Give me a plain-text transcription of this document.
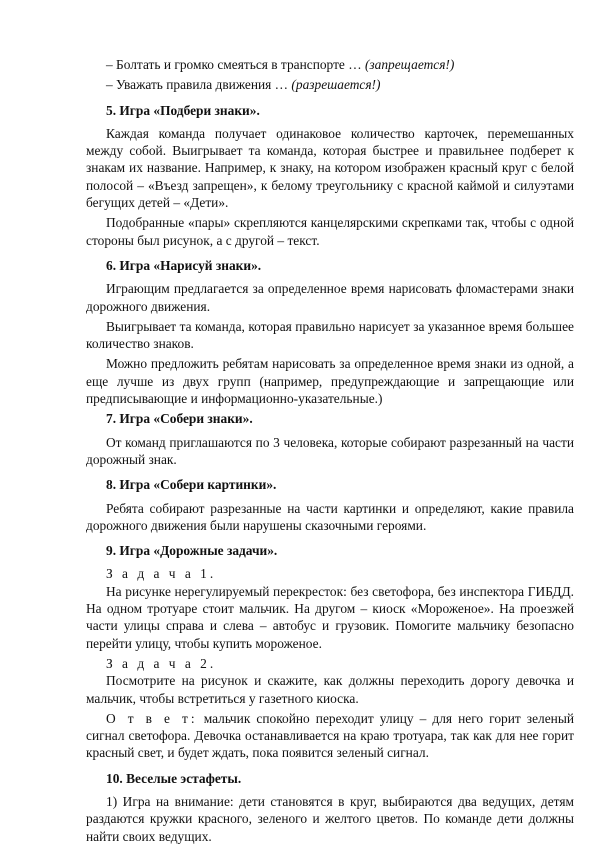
– Болтать и громко смеяться в транспорте … (запрещается!)

– Уважать правила движения … (разрешается!)

5. Игра «Подбери знаки».

Каждая команда получает одинаковое количество карточек, перемешанных между собой. Выигрывает та команда, которая быстрее и правильнее подберет к знакам их название. Например, к знаку, на котором изображен красный круг с белой полосой – «Въезд запрещен», к белому треугольнику с красной каймой и силуэтами бегущих детей – «Дети».

Подобранные «пары» скрепляются канцелярскими скрепками так, чтобы с одной стороны был рисунок, а с другой – текст.

6. Игра «Нарисуй знаки».

Играющим предлагается за определенное время нарисовать фломастерами знаки дорожного движения.

Выигрывает та команда, которая правильно нарисует за указанное время большее количество знаков.

Можно предложить ребятам нарисовать за определенное время знаки из одной, а еще лучше из двух групп (например, предупреждающие и запрещающие или предписывающие и информационно-указательные.)

7. Игра «Собери знаки».

От команд приглашаются по 3 человека, которые собирают разрезанный на части дорожный знак.

8. Игра «Собери картинки».

Ребята собирают разрезанные на части картинки и определяют, какие правила дорожного движения были нарушены сказочными героями.

9. Игра «Дорожные задачи».

З а д а ч а 1.

На рисунке нерегулируемый перекресток: без светофора, без инспектора ГИБДД. На одном тротуаре стоит мальчик. На другом – киоск «Мороженое». На проезжей части улицы справа и слева – автобус и грузовик. Помогите мальчику безопасно перейти улицу, чтобы купить мороженое.

З а д а ч а 2.

Посмотрите на рисунок и скажите, как должны переходить дорогу девочка и мальчик, чтобы встретиться у газетного киоска.

О т в е т: мальчик спокойно переходит улицу – для него горит зеленый сигнал светофора. Девочка останавливается на краю тротуара, так как для нее горит красный свет, и будет ждать, пока появится зеленый сигнал.

10. Веселые эстафеты.

1) Игра на внимание: дети становятся в круг, выбираются два ведущих, детям раздаются кружки красного, зеленого и желтого цветов. По команде дети должны найти своих ведущих.
